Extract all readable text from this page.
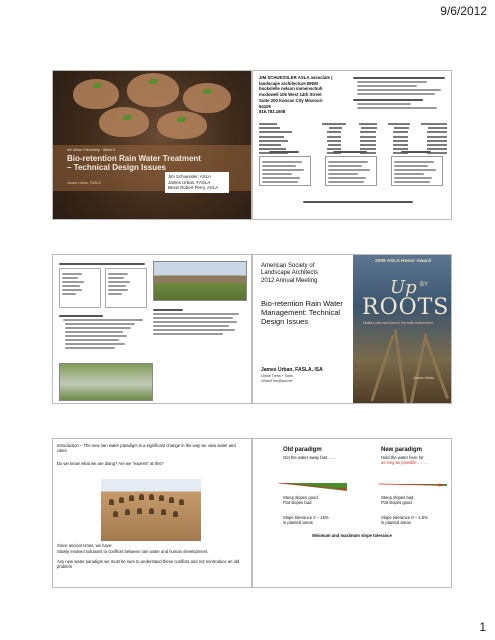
9/6/2012
the Urban Fellowship · Week 5
Bio-retention Rain Water Treatment – Technical Design Issues
James Urban, FASLA
Jim Schuessler, ASLA
James Urban, FASLA
Bevin Robert Perry, ASLA
JIM SCHUESSLER ASLA associate |
landscape architecture BNIM
bockslelle nelson immenschuh
mcdowell 106 West 14th Street
Suite 200 Kansas City Missouri
64105
816.783.1608
American Society of
Landscape Architects
2012 Annual Meeting
Bio-retention Rain Water Management: Technical Design Issues
James Urban, FASLA, ISA
Urban Trees + Soils
UrbanTree@aol.net
2009 ASLA Honor Award
Up BY
ROOTS
healthy soils and trees in the built environment
James Urban
Introduction – The new rain water paradigm is a significant change in the way we view water and cities.
Do we know what we are doing? Are we “experts” at this?
Since ancient times, we have:
Slowly evolved solutions to conflicts between rain water and human development.
Any new water paradigm we must be sure to understand these conflicts and not reintroduce an old problem
Old paradigm
Get the water away fast……
New paradigm
Hold the water here for
as long as possible………
Steep slopes good
Flat slopes bad
Steep slopes bad
Flat slopes good
Slope tolerance 2 – 15%
in planted areas
Slope tolerance 0 – 1.5%
in planted areas
Minimum and maximum slope tolerance
1
